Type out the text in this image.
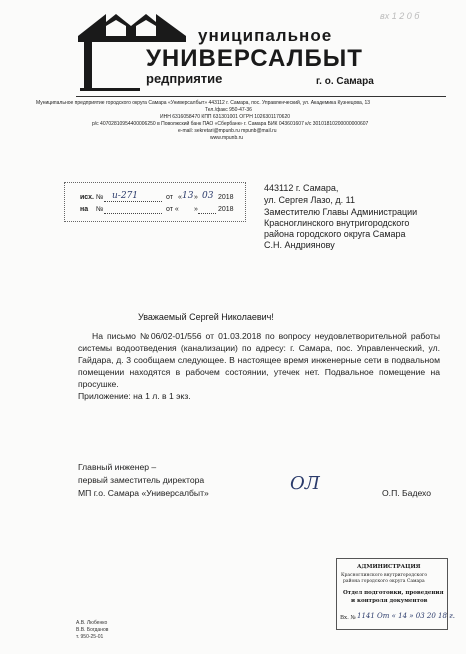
вх 1 2 0 б
униципальное
УНИВЕРСАЛБЫТ
редприятие	г. о. Самара
Муниципальное предприятие городского округа Самара «Универсалбыт» 443112 г. Самара, пос. Управленческий, ул. Академика Кузнецова, 13
Тел./факс 950-47-36
ИНН 6316058470 КПП 631301001 ОГРН 1026301170620
р/с 40702810954400006250 в Поволжский банк ПАО «Сбербанк» г. Самара БИК 043601607 к/с 30101810200000000607
e-mail: sekretari@mpunb.ru mpunb@mail.ru
www.mpunb.ru
исх. № и-271	от « 13 » 03 2018
на №	от « »	2018
443112 г. Самара,
ул. Сергея Лазо, д. 11
Заместителю Главы Администрации
Красноглинского внутригородского
района городского округа Самара
С.Н. Андриянову
Уважаемый Сергей Николаевич!

На письмо №06/02-01/556 от 01.03.2018 по вопросу неудовлетворительной работы системы водоотведения (канализации) по адресу: г. Самара, пос. Управленческий, ул. Гайдара, д. 3 сообщаем следующее. В настоящее время инженерные сети в подвальном помещении находятся в рабочем состоянии, утечек нет. Подвальное помещение на просушке.

Приложение: на 1 л. в 1 экз.

Главный инженер –
первый заместитель директора
МП г.о. Самара «Универсалбыт»	ОЛ	О.П. Бадехо
АДМИНИСТРАЦИЯ
Красноглинского внутригородского
района городского округа Самара
Отдел подготовки, проведения
и контроля документов
Вх. № 1141 От « 14 » 03 20 18 г.
А.В. Любенко
В.В. Богданов
т. 950-25-01
